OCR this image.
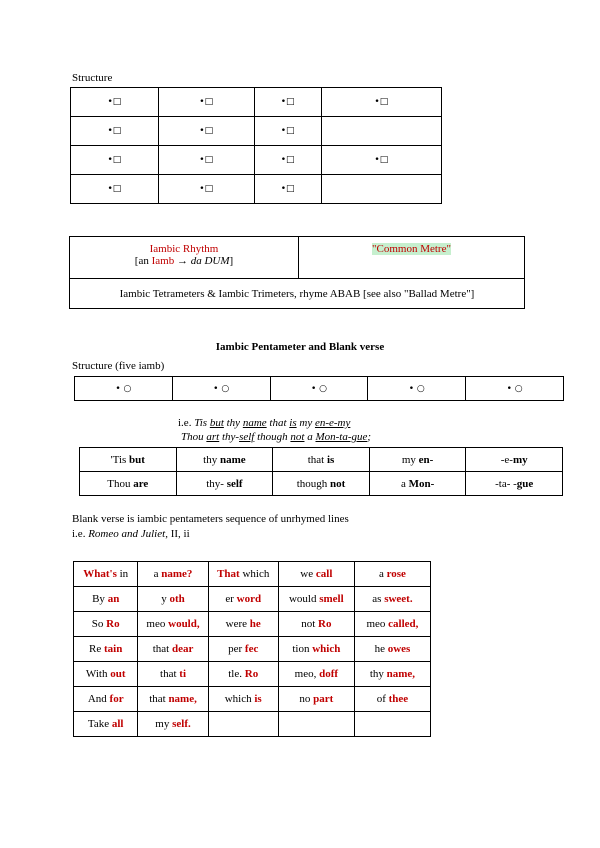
Structure
•□	•□	•□	•□
•□	•□	•□	
•□	•□	•□	•□
•□	•□	•□	
Iambic Rhythm
[an Iamb → da DUM]
	"Common Metre"
Iambic Tetrameters & Iambic Trimeters, rhyme ABAB [see also "Ballad Metre"]
Iambic Pentameter and Blank verse
Structure (five iamb)
• ○	• ○	• ○	• ○	• ○
i.e. Tis but thy name that is my en-e-my
Thou art thy-self though not a Mon-ta-gue;
'Tis but	thy name	that is	my en-	-e-my
Thou are	thy- self	though not	a Mon-	-ta- -gue
Blank verse is iambic pentameters sequence of unrhymed lines
i.e. Romeo and Juliet, II, ii
What's in	a name?	That which	we call	a rose
By an	y oth	er word	would smell	as sweet.
So Ro	meo would,	were he	not Ro	meo called,
Re tain	that dear	per fec	tion which	he owes
With out	that ti	tle. Ro	meo, doff	thy name,
And for	that name,	which is	no part	of thee
Take all	my self.			
